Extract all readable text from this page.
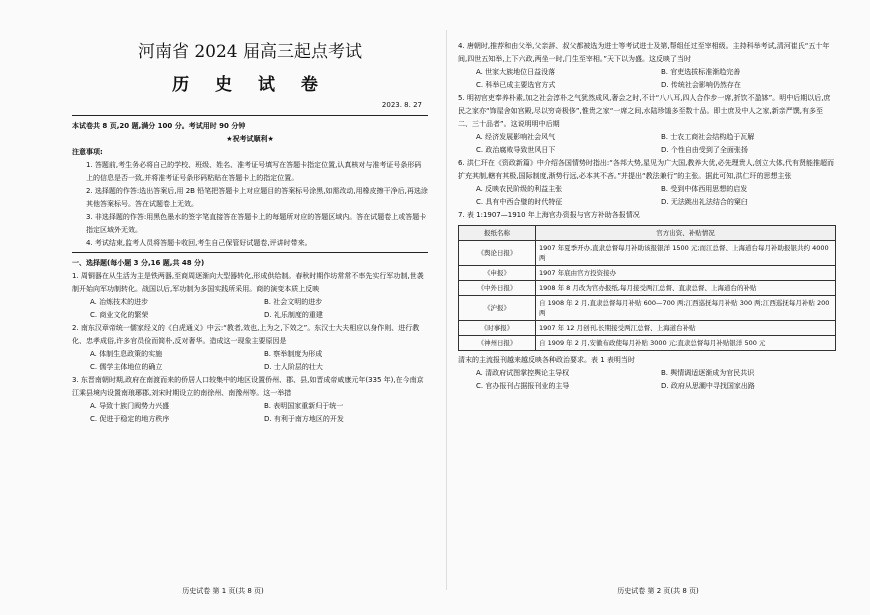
河南省 2024 届高三起点考试

历 史 试 卷

2023. 8. 27

本试卷共 8 页,20 题,满分 100 分。考试用时 90 分钟

★祝考试顺利★

注意事项:

1. 答题前,考生务必将自己的学校、班级、姓名、准考证号填写在答题卡指定位置,认真核对与准考证号条形码上的信息是否一致,并将准考证号条形码粘贴在答题卡上的指定位置。

2. 选择题的作答:选出答案后,用 2B 铅笔把答题卡上对应题目的答案标号涂黑,如需改动,用橡皮擦干净后,再选涂其他答案标号。答在试题卷上无效。

3. 非选择题的作答:用黑色墨水的签字笔直接答在答题卡上的每题所对应的答题区域内。答在试题卷上或答题卡指定区域外无效。

4. 考试结束,监考人员将答题卡收回,考生自己保管好试题卷,评讲时带来。

一、选择题(每小题 3 分,16 题,共 48 分)

1. 周铜器在从生活为主是铁两器,至商周逐渐向大型器转化,形成供给制。春秋时期作坊常常不率先实行军功制,世袭制开始向军功制转化。战国以后,军功制为多国实践所采用。商的演变本质上反映

A. 冶炼技术的进步	B. 社会文明的进步
C. 商业文化的繁荣	D. 礼乐制度的重建

2. 南东汉章帝统一儒家经义的《白虎通义》中云:“教者,效也,上为之,下效之”。东汉士大夫相应以身作则、进行教化、忠孝成俗,许多官员俭而简朴,反对奢华。造成这一现象主要原因是

A. 体制生息政策的实施	B. 察举制度为形成
C. 儒学主体地位的确立	D. 士人阶层的壮大

3. 东晋南朝时期,政府在南渡而来的侨居人口较集中的地区设置侨州、郡、县,如晋成帝咸康元年(335 年),在今南京江乘县境内设置南琅琊郡,刘宋时期设立的南徐州、南豫州等。这一举措

A. 导致十族门阀势力兴盛	B. 表明国家重新归于统一
C. 促进于稳定的地方秩序	D. 有利于南方地区的开发

历史试卷 第 1 页(共 8 页)

4. 唐朝时,推荐和由父举,父亲辞、叔父都被选为进士等考试进士及第,帮组任过至宰相级。主持科举考试,清河崔氏“五十年间,四世五知举,上下六政,两坐一时,门生至宰相。”天下以为盛。这反映了当时

A. 世家大族地位日益没落	B. 官吏选拔标准渐趋完善
C. 科举已成主要选官方式	D. 传统社会影响仍然存在

5. 明初官吏奉养朴素,加之社会淳朴之气犹然成风,奢会之时,不计“八八耳,四人合作步一席,折饮不盈钵”。明中后期以后,庶民之家亦“饰屋舍如宫殿,尽以穷奇极侈”,惟贵之家“一席之间,水陆珍馐多至数十品。即士庶及中人之家,新亲严馔,有多至二、三十品者”。这说明明中后期

A. 经济发展影响社会风气	B. 士农工商社会结构趋于瓦解
C. 政治腐败导致世风日下	D. 个性自由受到了全面张扬

6. 洪仁玕在《资政新篇》中介绍各国情势时指出:“各邦大势,星见为广大国,教养大优,必先理贵人,创立大体,代有贤能推超而扩充其制,轄有其极,国际制度,渐势行远,必本其不吝。”并提出“教法兼行”的主张。据此可知,洪仁玕的思想主张

A. 反映农民阶级的利益主张	B. 受到中体西用思想的启发
C. 具有中西合璧的时代特征	D. 无法跳出礼法结合的窠臼

7. 表 1:1907—1910 年上海官办资报与官方补助各报情况

报纸名称	官方出资、补贴情况
《舆论日报》	1907 年夏季开办,直隶总督每月补助该报银洋 1500 元;而江总督、上海道台每月补助报银共约 4000 两
《申报》	1907 年底由官方投资接办
《中外日报》	1908 年 8 月改为官办报纸,每月接受两江总督、直隶总督、上海道台的补贴
《沪报》	自 1908 年 2 月,直隶总督每月补贴 600—700 两;江西巡抚每月补贴 300 两;江西巡抚每月补贴 200 两
《时事报》	1907 年 12 月创刊,长期接受两江总督、上海道台补贴
《神州日报》	自 1909 年 2 月,安徽布政使每月补贴 3000 元;直隶总督每月补贴银洋 500 元

清末的主流报刊越来越反映各种政治要求。表 1 表明当时

A. 清政府试图掌控舆论主导权	B. 舆情调适逐渐成为官民共识
C. 官办报刊占据报刊业的主导	D. 政府从思潮中寻找国家出路

历史试卷 第 2 页(共 8 页)
